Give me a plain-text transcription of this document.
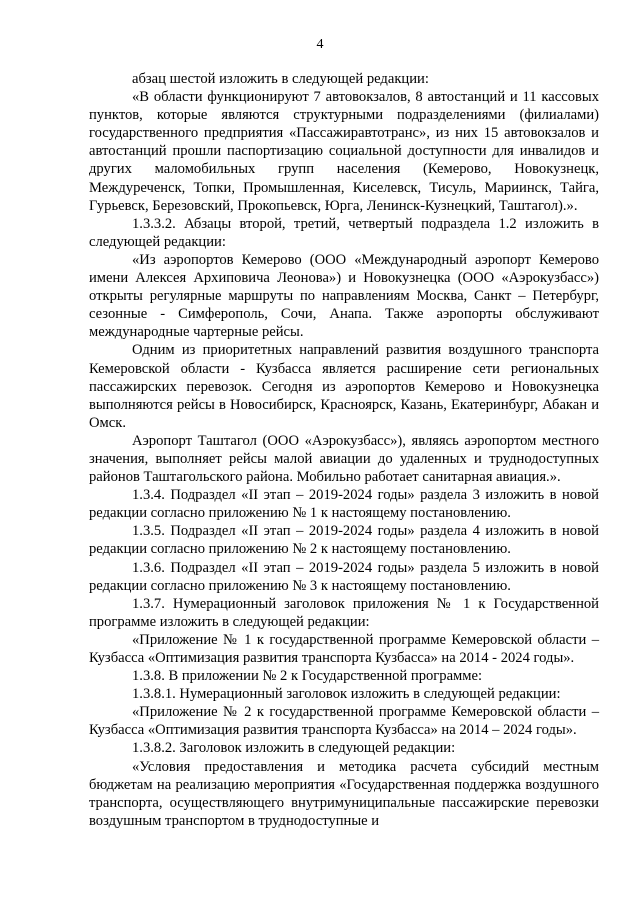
4

абзац шестой изложить в следующей редакции:

«В области функционируют 7 автовокзалов, 8 автостанций и 11 кассовых пунктов, которые являются структурными подразделениями (филиалами) государственного предприятия «Пассажиравтотранс», из них 15 автовокзалов и автостанций прошли паспортизацию социальной доступности для инвалидов и других маломобильных групп населения (Кемерово, Новокузнецк, Междуреченск, Топки, Промышленная, Киселевск, Тисуль, Мариинск, Тайга, Гурьевск, Березовский, Прокопьевск, Юрга, Ленинск-Кузнецкий, Таштагол).».

1.3.3.2. Абзацы второй, третий, четвертый подраздела 1.2 изложить в следующей редакции:

«Из аэропортов Кемерово (ООО «Международный аэропорт Кемерово имени Алексея Архиповича Леонова») и Новокузнецка (ООО «Аэрокузбасс») открыты регулярные маршруты по направлениям Москва, Санкт – Петербург, сезонные - Симферополь, Сочи, Анапа. Также аэропорты обслуживают международные чартерные рейсы.

Одним из приоритетных направлений развития воздушного транспорта Кемеровской области - Кузбасса является расширение сети региональных пассажирских перевозок. Сегодня из аэропортов Кемерово и Новокузнецка выполняются рейсы в Новосибирск, Красноярск, Казань, Екатеринбург, Абакан и Омск.

Аэропорт Таштагол (ООО «Аэрокузбасс»), являясь аэропортом местного значения, выполняет рейсы малой авиации до удаленных и труднодоступных районов Таштагольского района. Мобильно работает санитарная авиация.».

1.3.4. Подраздел «II этап – 2019-2024 годы» раздела 3 изложить в новой редакции согласно приложению № 1 к настоящему постановлению.

1.3.5. Подраздел «II этап – 2019-2024 годы» раздела 4 изложить в новой редакции согласно приложению № 2 к настоящему постановлению.

1.3.6. Подраздел «II этап – 2019-2024 годы» раздела 5 изложить в новой редакции согласно приложению № 3 к настоящему постановлению.

1.3.7. Нумерационный заголовок приложения № 1 к Государственной программе изложить в следующей редакции:

«Приложение № 1 к государственной программе Кемеровской области – Кузбасса «Оптимизация развития транспорта Кузбасса» на 2014 - 2024 годы».

1.3.8. В приложении № 2 к Государственной программе:

1.3.8.1. Нумерационный заголовок изложить в следующей редакции:

«Приложение № 2 к государственной программе Кемеровской области – Кузбасса «Оптимизация развития транспорта Кузбасса» на 2014 – 2024 годы».

1.3.8.2. Заголовок изложить в следующей редакции:

«Условия предоставления и методика расчета субсидий местным бюджетам на реализацию мероприятия «Государственная поддержка воздушного транспорта, осуществляющего внутримуниципальные пассажирские перевозки воздушным транспортом в труднодоступные и
